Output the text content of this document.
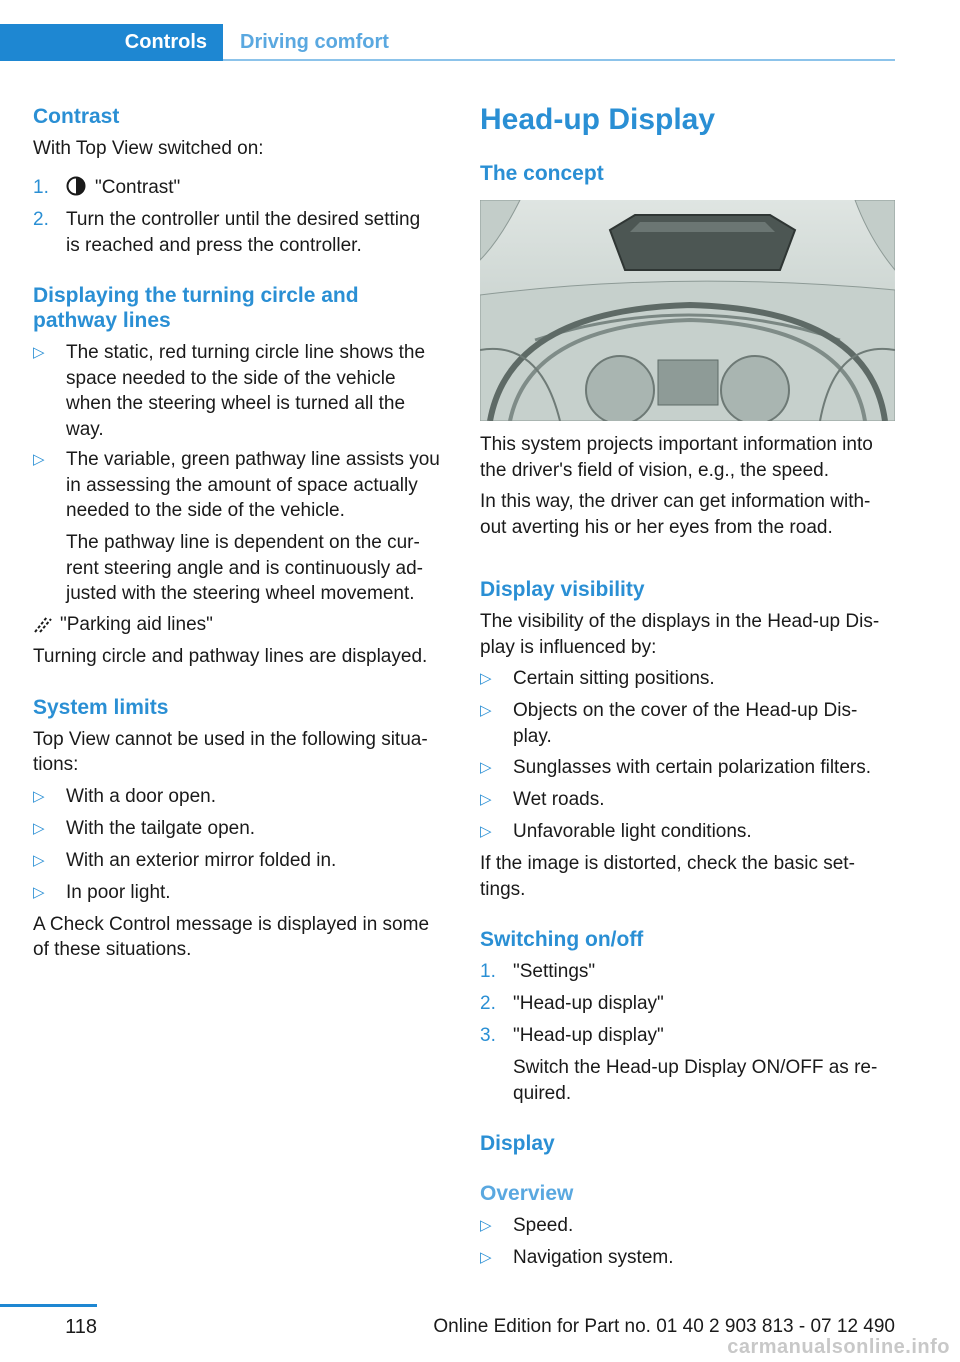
Controls	Driving comfort
Contrast
With Top View switched on:
1. "Contrast"
2. Turn the controller until the desired setting
is reached and press the controller.
Displaying the turning circle and
pathway lines
▷ The static, red turning circle line shows the
space needed to the side of the vehicle
when the steering wheel is turned all the
way.
▷ The variable, green pathway line assists you
in assessing the amount of space actually
needed to the side of the vehicle.
The pathway line is dependent on the cur‐
rent steering angle and is continuously ad‐
justed with the steering wheel movement.
"Parking aid lines"
Turning circle and pathway lines are displayed.
System limits
Top View cannot be used in the following situa‐
tions:
▷ With a door open.
▷ With the tailgate open.
▷ With an exterior mirror folded in.
▷ In poor light.
A Check Control message is displayed in some
of these situations.
Head-up Display
The concept
This system projects important information into
the driver's field of vision, e.g., the speed.
In this way, the driver can get information with‐
out averting his or her eyes from the road.
Display visibility
The visibility of the displays in the Head-up Dis‐
play is influenced by:
▷ Certain sitting positions.
▷ Objects on the cover of the Head-up Dis‐
play.
▷ Sunglasses with certain polarization filters.
▷ Wet roads.
▷ Unfavorable light conditions.
If the image is distorted, check the basic set‐
tings.
Switching on/off
1. "Settings"
2. "Head-up display"
3. "Head-up display"
Switch the Head-up Display ON/OFF as re‐
quired.
Display
Overview
▷ Speed.
▷ Navigation system.
118	Online Edition for Part no. 01 40 2 903 813 - 07 12 490
carmanualsonline.info
